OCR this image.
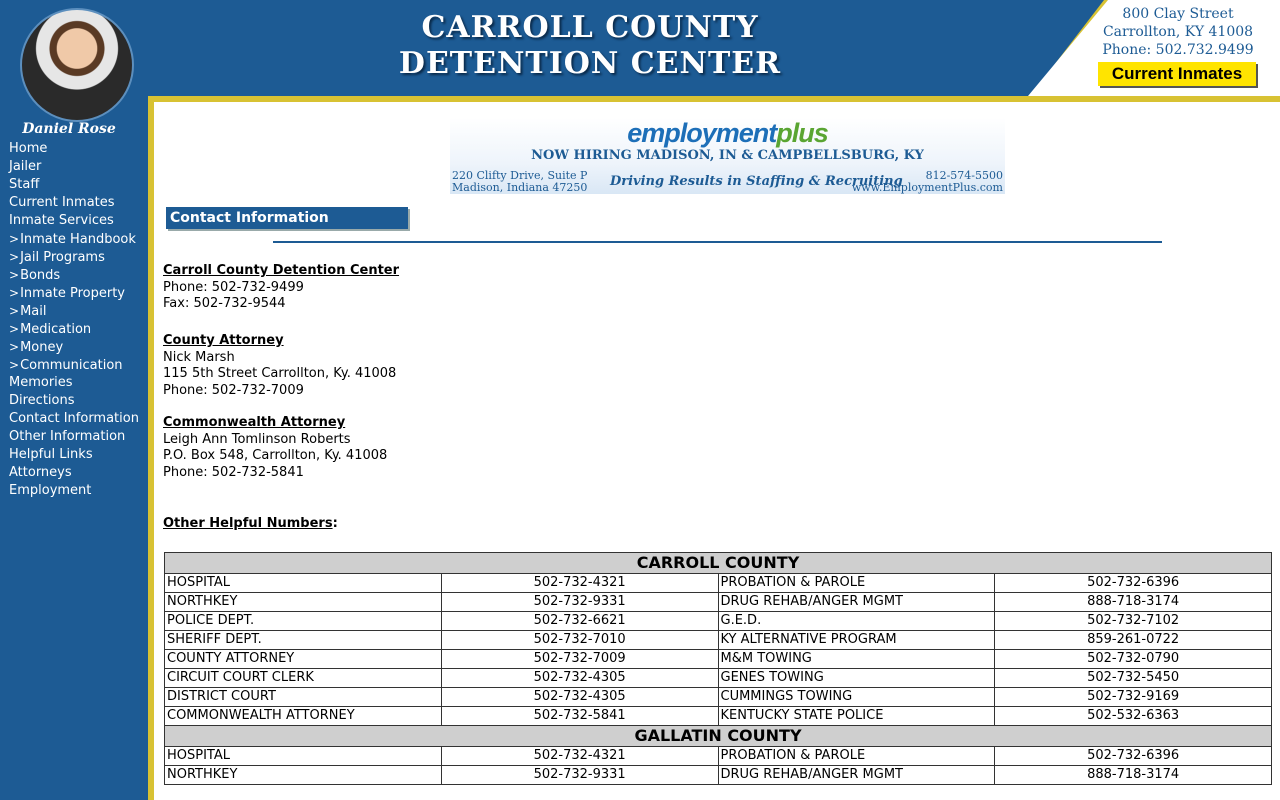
CARROLL COUNTY
DETENTION CENTER
800 Clay Street
Carrollton, KY 41008
Phone: 502.732.9499
Current Inmates
Daniel Rose
Home
Jailer
Staff
Current Inmates
Inmate Services
>Inmate Handbook
>Jail Programs
>Bonds
>Inmate Property
>Mail
>Medication
>Money
>Communication
Memories
Directions
Contact Information
Other Information
Helpful Links
Attorneys
Employment
employmentplus
NOW HIRING MADISON, IN & CAMPBELLSBURG, KY
220 Clifty Drive, Suite P
Madison, Indiana 47250 Driving Results in Staffing & Recruiting	812-574-5500
www.EmploymentPlus.com
Contact Information
Carroll County Detention Center
Phone: 502-732-9499
Fax: 502-732-9544
County Attorney
Nick Marsh
115 5th Street Carrollton, Ky. 41008
Phone: 502-732-7009
Commonwealth Attorney
Leigh Ann Tomlinson Roberts
P.O. Box 548, Carrollton, Ky. 41008
Phone: 502-732-5841
Other Helpful Numbers:
CARROLL COUNTY			
HOSPITAL	502-732-4321	PROBATION & PAROLE	502-732-6396
NORTHKEY	502-732-9331	DRUG REHAB/ANGER MGMT	888-718-3174
POLICE DEPT.	502-732-6621	G.E.D.	502-732-7102
SHERIFF DEPT.	502-732-7010	KY ALTERNATIVE PROGRAM	859-261-0722
COUNTY ATTORNEY	502-732-7009	M&M TOWING	502-732-0790
CIRCUIT COURT CLERK	502-732-4305	GENES TOWING	502-732-5450
DISTRICT COURT	502-732-4305	CUMMINGS TOWING	502-732-9169
COMMONWEALTH ATTORNEY	502-732-5841	KENTUCKY STATE POLICE	502-532-6363
GALLATIN COUNTY			
HOSPITAL	502-732-4321	PROBATION & PAROLE	502-732-6396
NORTHKEY	502-732-9331	DRUG REHAB/ANGER MGMT	888-718-3174
